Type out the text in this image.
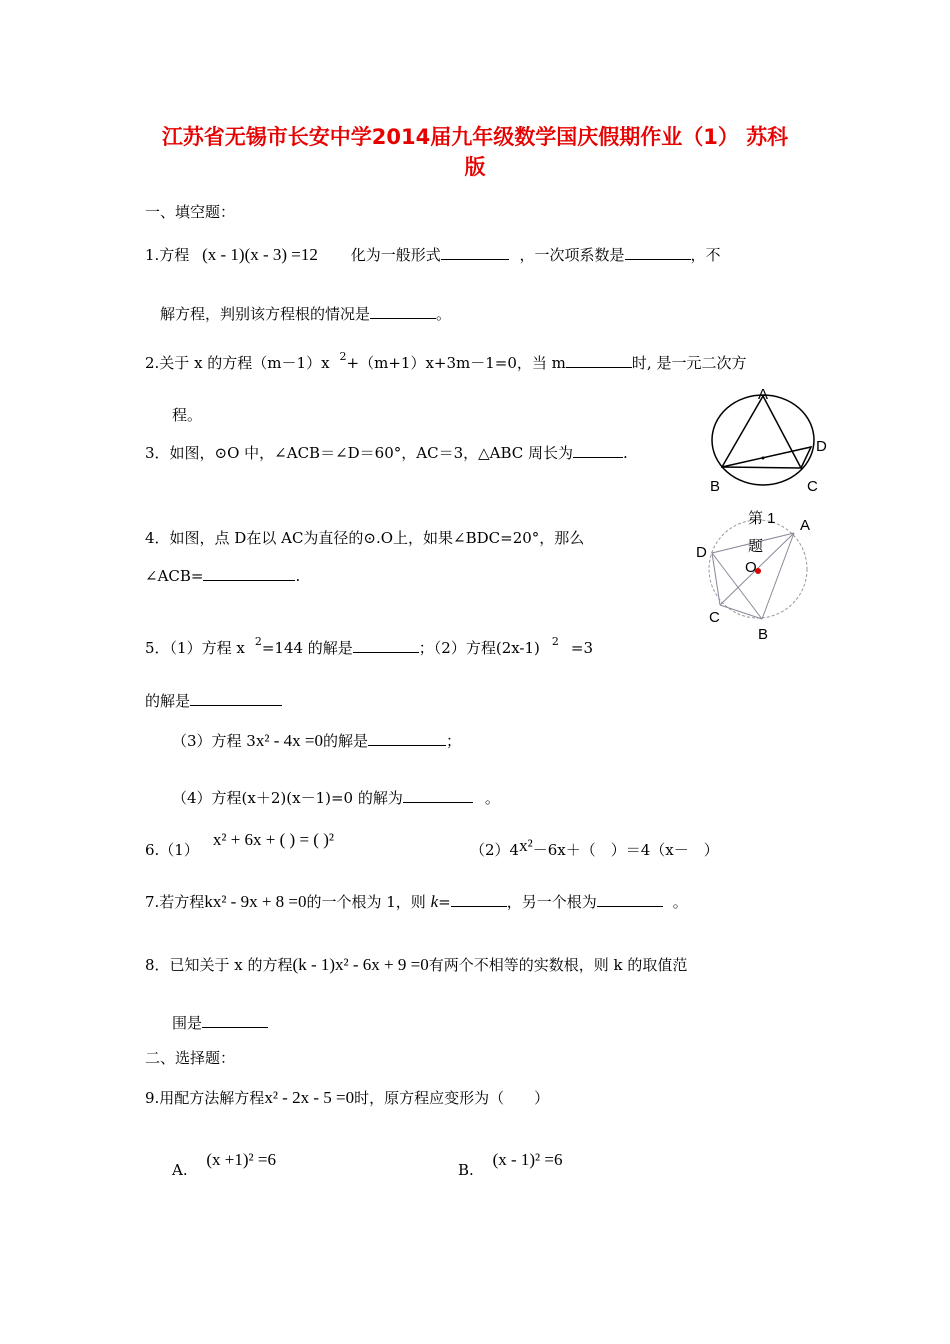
江苏省无锡市长安中学2014届九年级数学国庆假期作业（1） 苏科
版
一、填空题：
1.方程 (x - 1)(x - 3) =12 化为一般形式	，一次项系数是	，不
解方程，判别该方程根的情况是	。
2.关于 x 的方程（m－1）x $^2$+（m+1）x+3m－1=0，当 m	时, 是一元二次方
程。
3．如图，⊙O 中，∠ACB＝∠D＝60°，AC＝3，△ABC 周长为	.
A
D
B	C
4．如图，点 D在以 AC为直径的⊙.O上，如果∠BDC=20°，那么
∠ACB=	.
第 1
题
A
D
O
C
B
5．（1）方程 x $^2$=144 的解是	；（2）方程(2x-1) $^2$ =3
的解是
（3）方程 3x² - 4x =0的解是	；
（4）方程(x＋2)(x－1)=0 的解为	。
6.（1）x² + 6x + ( ) = ( )²
（2）4x²－6x＋（　）＝4（x－　）
7.若方程kx² - 9x + 8 =0的一个根为 1，则 k=	，另一个根为	。
8．已知关于 x 的方程(k - 1)x² - 6x + 9 =0有两个不相等的实数根，则 k 的取值范
围是
二、选择题：
9.用配方法解方程x² - 2x - 5 =0时，原方程应变形为（　　）
A. (x +1)² =6
B. (x - 1)² =6
